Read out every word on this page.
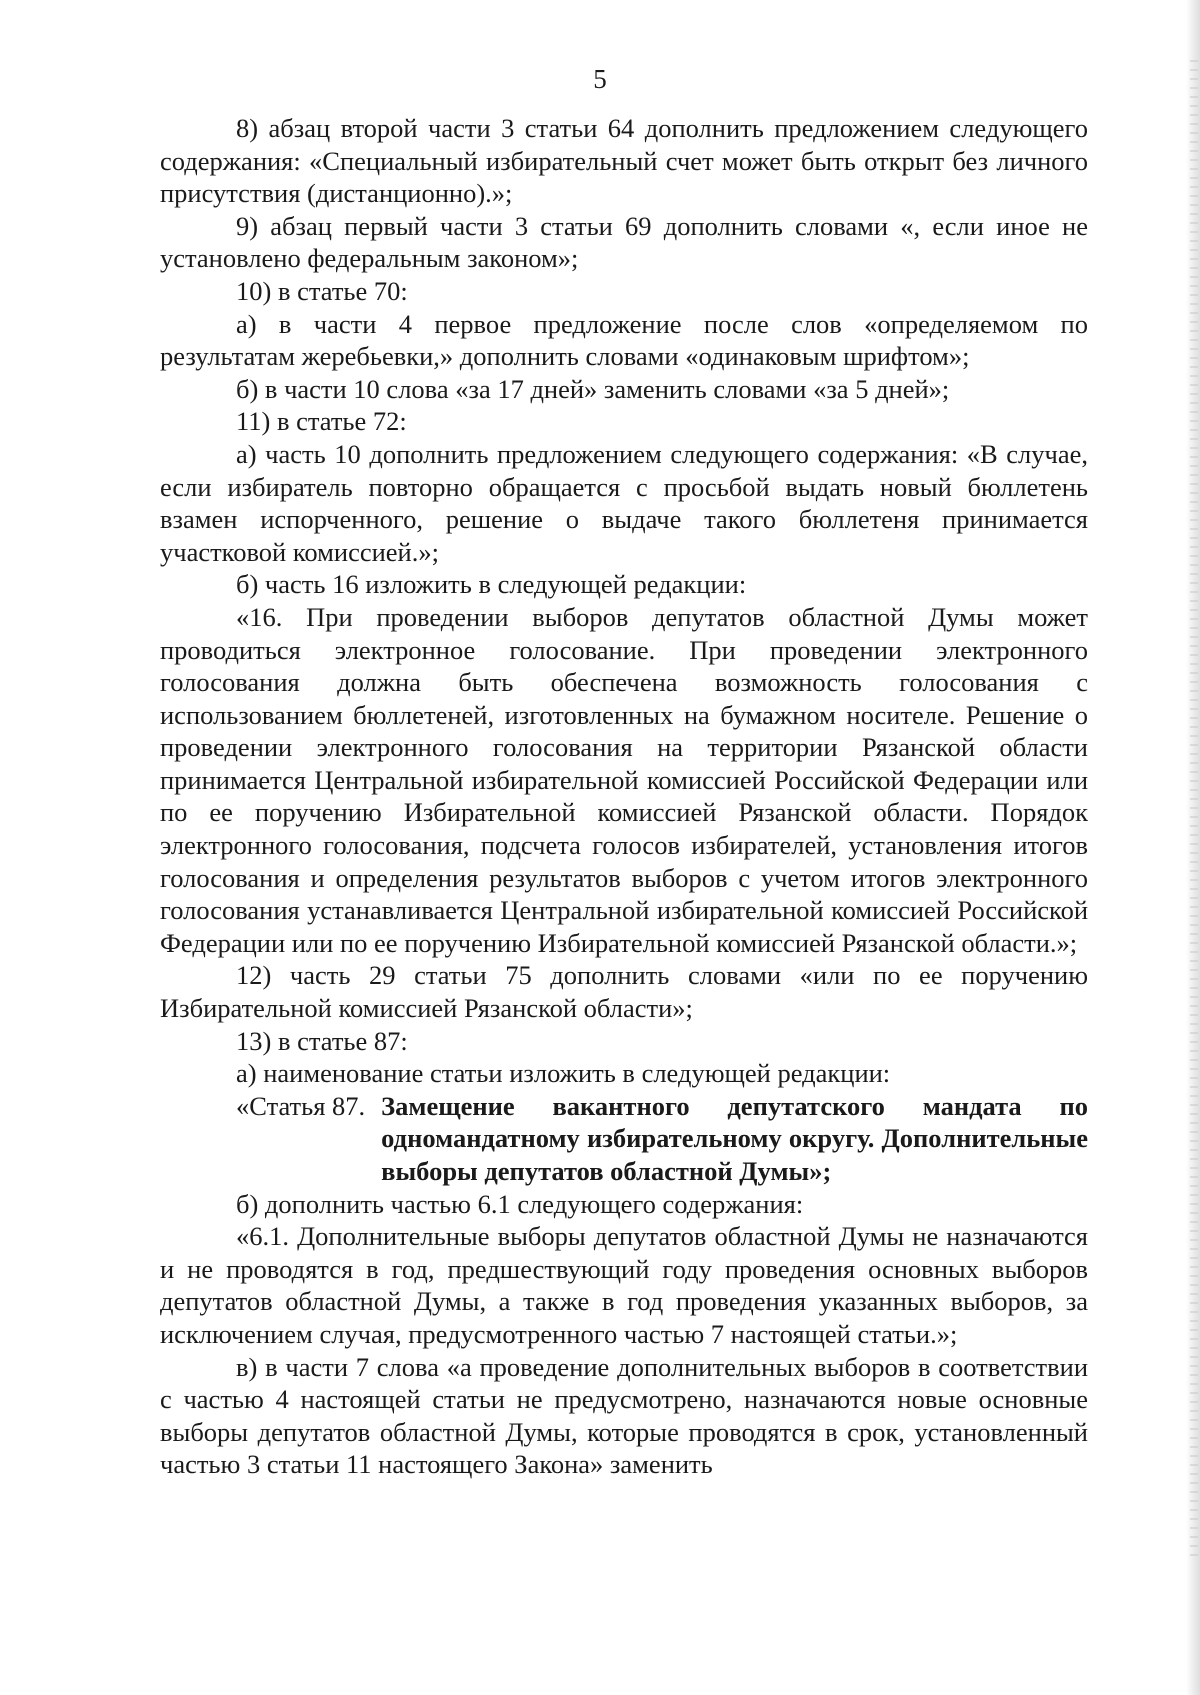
5

8) абзац второй части 3 статьи 64 дополнить предложением следующего содержания: «Специальный избирательный счет может быть открыт без личного присутствия (дистанционно).»;

9) абзац первый части 3 статьи 69 дополнить словами «, если иное не установлено федеральным законом»;

10) в статье 70:

а) в части 4 первое предложение после слов «определяемом по результатам жеребьевки,» дополнить словами «одинаковым шрифтом»;

б) в части 10 слова «за 17 дней» заменить словами «за 5 дней»;

11) в статье 72:

а) часть 10 дополнить предложением следующего содержания: «В случае, если избиратель повторно обращается с просьбой выдать новый бюллетень взамен испорченного, решение о выдаче такого бюллетеня принимается участковой комиссией.»;

б) часть 16 изложить в следующей редакции:

«16. При проведении выборов депутатов областной Думы может проводиться электронное голосование. При проведении электронного голосования должна быть обеспечена возможность голосования с использованием бюллетеней, изготовленных на бумажном носителе. Решение о проведении электронного голосования на территории Рязанской области принимается Центральной избирательной комиссией Российской Федерации или по ее поручению Избирательной комиссией Рязанской области. Порядок электронного голосования, подсчета голосов избирателей, установления итогов голосования и определения результатов выборов с учетом итогов электронного голосования устанавливается Центральной избирательной комиссией Российской Федерации или по ее поручению Избирательной комиссией Рязанской области.»;

12) часть 29 статьи 75 дополнить словами «или по ее поручению Избирательной комиссией Рязанской области»;

13) в статье 87:

а) наименование статьи изложить в следующей редакции:

«Статья 87. Замещение вакантного депутатского мандата по одномандатному избирательному округу. Дополнительные выборы депутатов областной Думы»;

б) дополнить частью 6.1 следующего содержания:

«6.1. Дополнительные выборы депутатов областной Думы не назначаются и не проводятся в год, предшествующий году проведения основных выборов депутатов областной Думы, а также в год проведения указанных выборов, за исключением случая, предусмотренного частью 7 настоящей статьи.»;

в) в части 7 слова «а проведение дополнительных выборов в соответствии с частью 4 настоящей статьи не предусмотрено, назначаются новые основные выборы депутатов областной Думы, которые проводятся в срок, установленный частью 3 статьи 11 настоящего Закона» заменить
